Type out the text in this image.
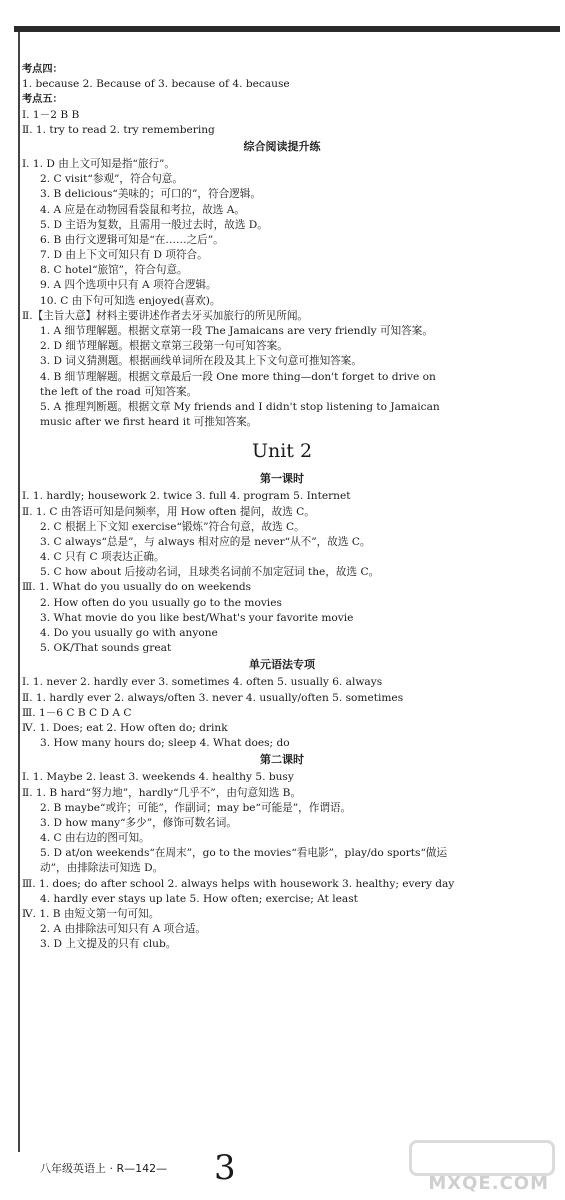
考点四：
1. because 2. Because of 3. because of 4. because
考点五：
Ⅰ. 1－2 B B
Ⅱ. 1. try to read 2. try remembering
综合阅读提升练
Ⅰ. 1. D 由上文可知是指“旅行”。
2. C visit“参观”，符合句意。
3. B delicious“美味的；可口的”，符合逻辑。
4. A 应是在动物园看袋鼠和考拉，故选 A。
5. D 主语为复数，且需用一般过去时，故选 D。
6. B 由行文逻辑可知是“在……之后”。
7. D 由上下文可知只有 D 项符合。
8. C hotel“旅馆”，符合句意。
9. A 四个选项中只有 A 项符合逻辑。
10. C 由下句可知选 enjoyed(喜欢)。
Ⅱ.【主旨大意】材料主要讲述作者去牙买加旅行的所见所闻。
1. A 细节理解题。根据文章第一段 The Jamaicans are very friendly 可知答案。
2. D 细节理解题。根据文章第三段第一句可知答案。
3. D 词义猜测题。根据画线单词所在段及其上下文句意可推知答案。
4. B 细节理解题。根据文章最后一段 One more thing—don't forget to drive on
the left of the road 可知答案。
5. A 推理判断题。根据文章 My friends and I didn't stop listening to Jamaican
music after we first heard it 可推知答案。
Unit 2
第一课时
Ⅰ. 1. hardly; housework 2. twice 3. full 4. program 5. Internet
Ⅱ. 1. C 由答语可知是问频率，用 How often 提问，故选 C。
2. C 根据上下文知 exercise“锻炼”符合句意，故选 C。
3. C always“总是”，与 always 相对应的是 never“从不”，故选 C。
4. C 只有 C 项表达正确。
5. C how about 后接动名词，且球类名词前不加定冠词 the，故选 C。
Ⅲ. 1. What do you usually do on weekends
2. How often do you usually go to the movies
3. What movie do you like best/What's your favorite movie
4. Do you usually go with anyone
5. OK/That sounds great
单元语法专项
Ⅰ. 1. never 2. hardly ever 3. sometimes 4. often 5. usually 6. always
Ⅱ. 1. hardly ever 2. always/often 3. never 4. usually/often 5. sometimes
Ⅲ. 1－6 C B C D A C
Ⅳ. 1. Does; eat 2. How often do; drink
3. How many hours do; sleep 4. What does; do
第二课时
Ⅰ. 1. Maybe 2. least 3. weekends 4. healthy 5. busy
Ⅱ. 1. B hard“努力地”，hardly“几乎不”，由句意知选 B。
2. B maybe“或许；可能”，作副词；may be“可能是”，作谓语。
3. D how many“多少”，修饰可数名词。
4. C 由右边的图可知。
5. D at/on weekends“在周末”，go to the movies“看电影”，play/do sports“做运
动”，由排除法可知选 D。
Ⅲ. 1. does; do after school 2. always helps with housework 3. healthy; every day
4. hardly ever stays up late 5. How often; exercise; At least
Ⅳ. 1. B 由短文第一句可知。
2. A 由排除法可知只有 A 项合适。
3. D 上文提及的只有 club。
八年级英语上 · R—142— 3	MXQE.COM
